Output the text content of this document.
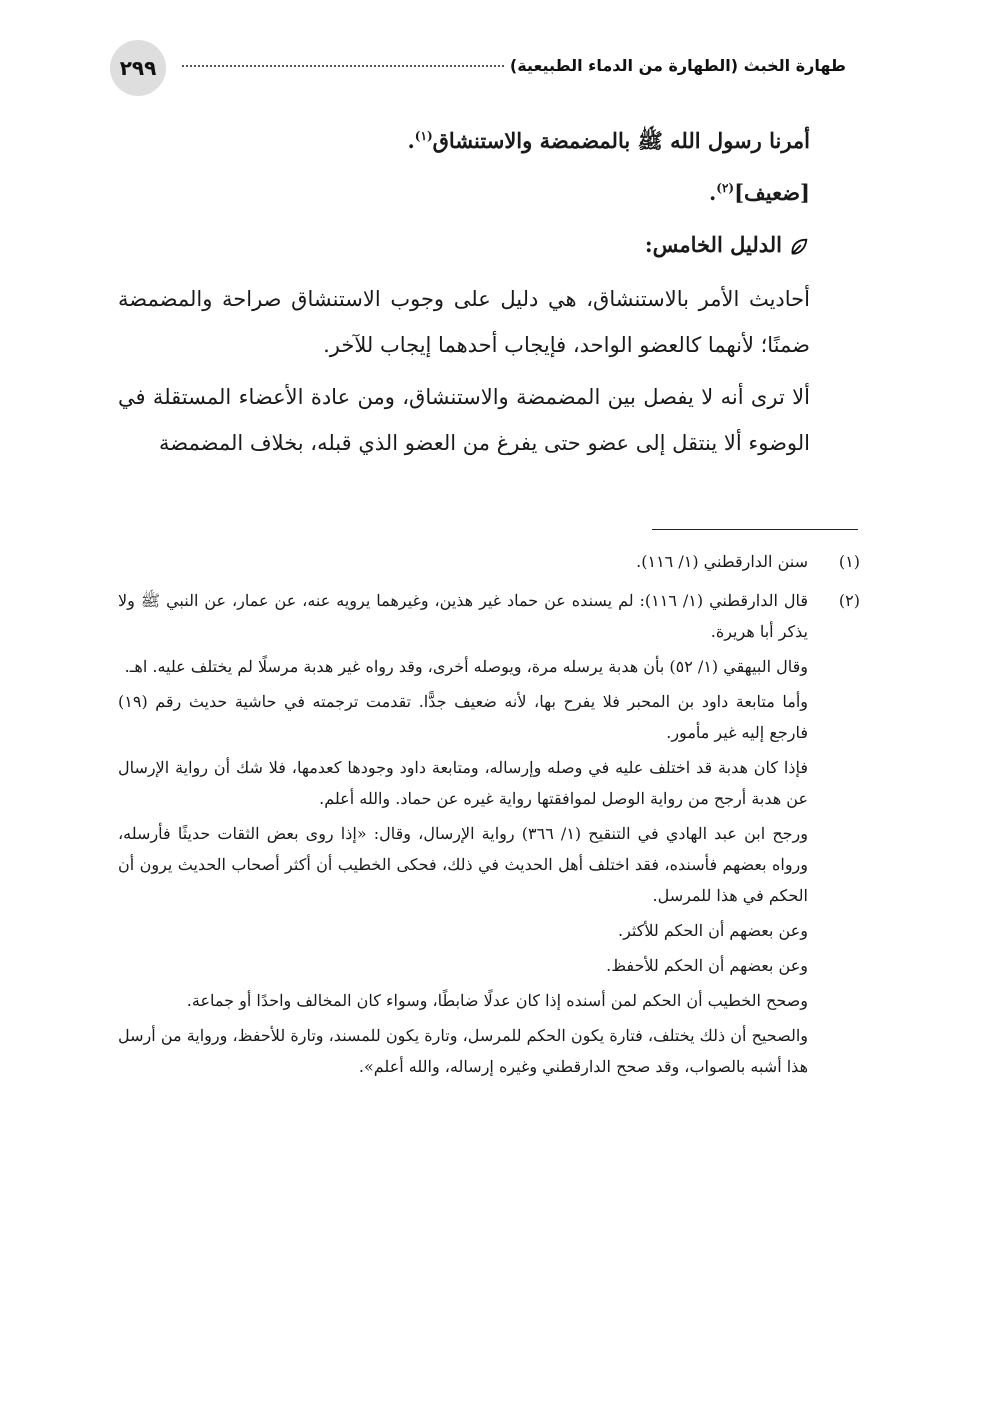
٢٩٩	طهارة الخبث (الطهارة من الدماء الطبيعية)
أمرنا رسول الله ﷺ بالمضمضة والاستنشاق$^{(١)}$.
[ضعيف]$^{(٢)}$.
الدليل الخامس:
أحاديث الأمر بالاستنشاق، هي دليل على وجوب الاستنشاق صراحة والمضمضة ضمنًا؛ لأنهما كالعضو الواحد، فإيجاب أحدهما إيجاب للآخر.
ألا ترى أنه لا يفصل بين المضمضة والاستنشاق، ومن عادة الأعضاء المستقلة في الوضوء ألا ينتقل إلى عضو حتى يفرغ من العضو الذي قبله، بخلاف المضمضة
(١)
سنن الدارقطني (١/ ١١٦).
(٢)
قال الدارقطني (١/ ١١٦): لم يسنده عن حماد غير هذين، وغيرهما يرويه عنه، عن عمار، عن النبي ﷺ ولا يذكر أبا هريرة.
وقال البيهقي (١/ ٥٢) بأن هدبة يرسله مرة، ويوصله أخرى، وقد رواه غير هدبة مرسلًا لم يختلف عليه. اهـ.
وأما متابعة داود بن المحبر فلا يفرح بها، لأنه ضعيف جدًّا. تقدمت ترجمته في حاشية حديث رقم (١٩) فارجع إليه غير مأمور.
فإذا كان هدبة قد اختلف عليه في وصله وإرساله، ومتابعة داود وجودها كعدمها، فلا شك أن رواية الإرسال عن هدبة أرجح من رواية الوصل لموافقتها رواية غيره عن حماد. والله أعلم.
ورجح ابن عبد الهادي في التنقيح (١/ ٣٦٦) رواية الإرسال، وقال: «إذا روى بعض الثقات حديثًا فأرسله، ورواه بعضهم فأسنده، فقد اختلف أهل الحديث في ذلك، فحكى الخطيب أن أكثر أصحاب الحديث يرون أن الحكم في هذا للمرسل.
وعن بعضهم أن الحكم للأكثر.
وعن بعضهم أن الحكم للأحفظ.
وصحح الخطيب أن الحكم لمن أسنده إذا كان عدلًا ضابطًا، وسواء كان المخالف واحدًا أو جماعة.
والصحيح أن ذلك يختلف، فتارة يكون الحكم للمرسل، وتارة يكون للمسند، وتارة للأحفظ، ورواية من أرسل هذا أشبه بالصواب، وقد صحح الدارقطني وغيره إرساله، والله أعلم».
